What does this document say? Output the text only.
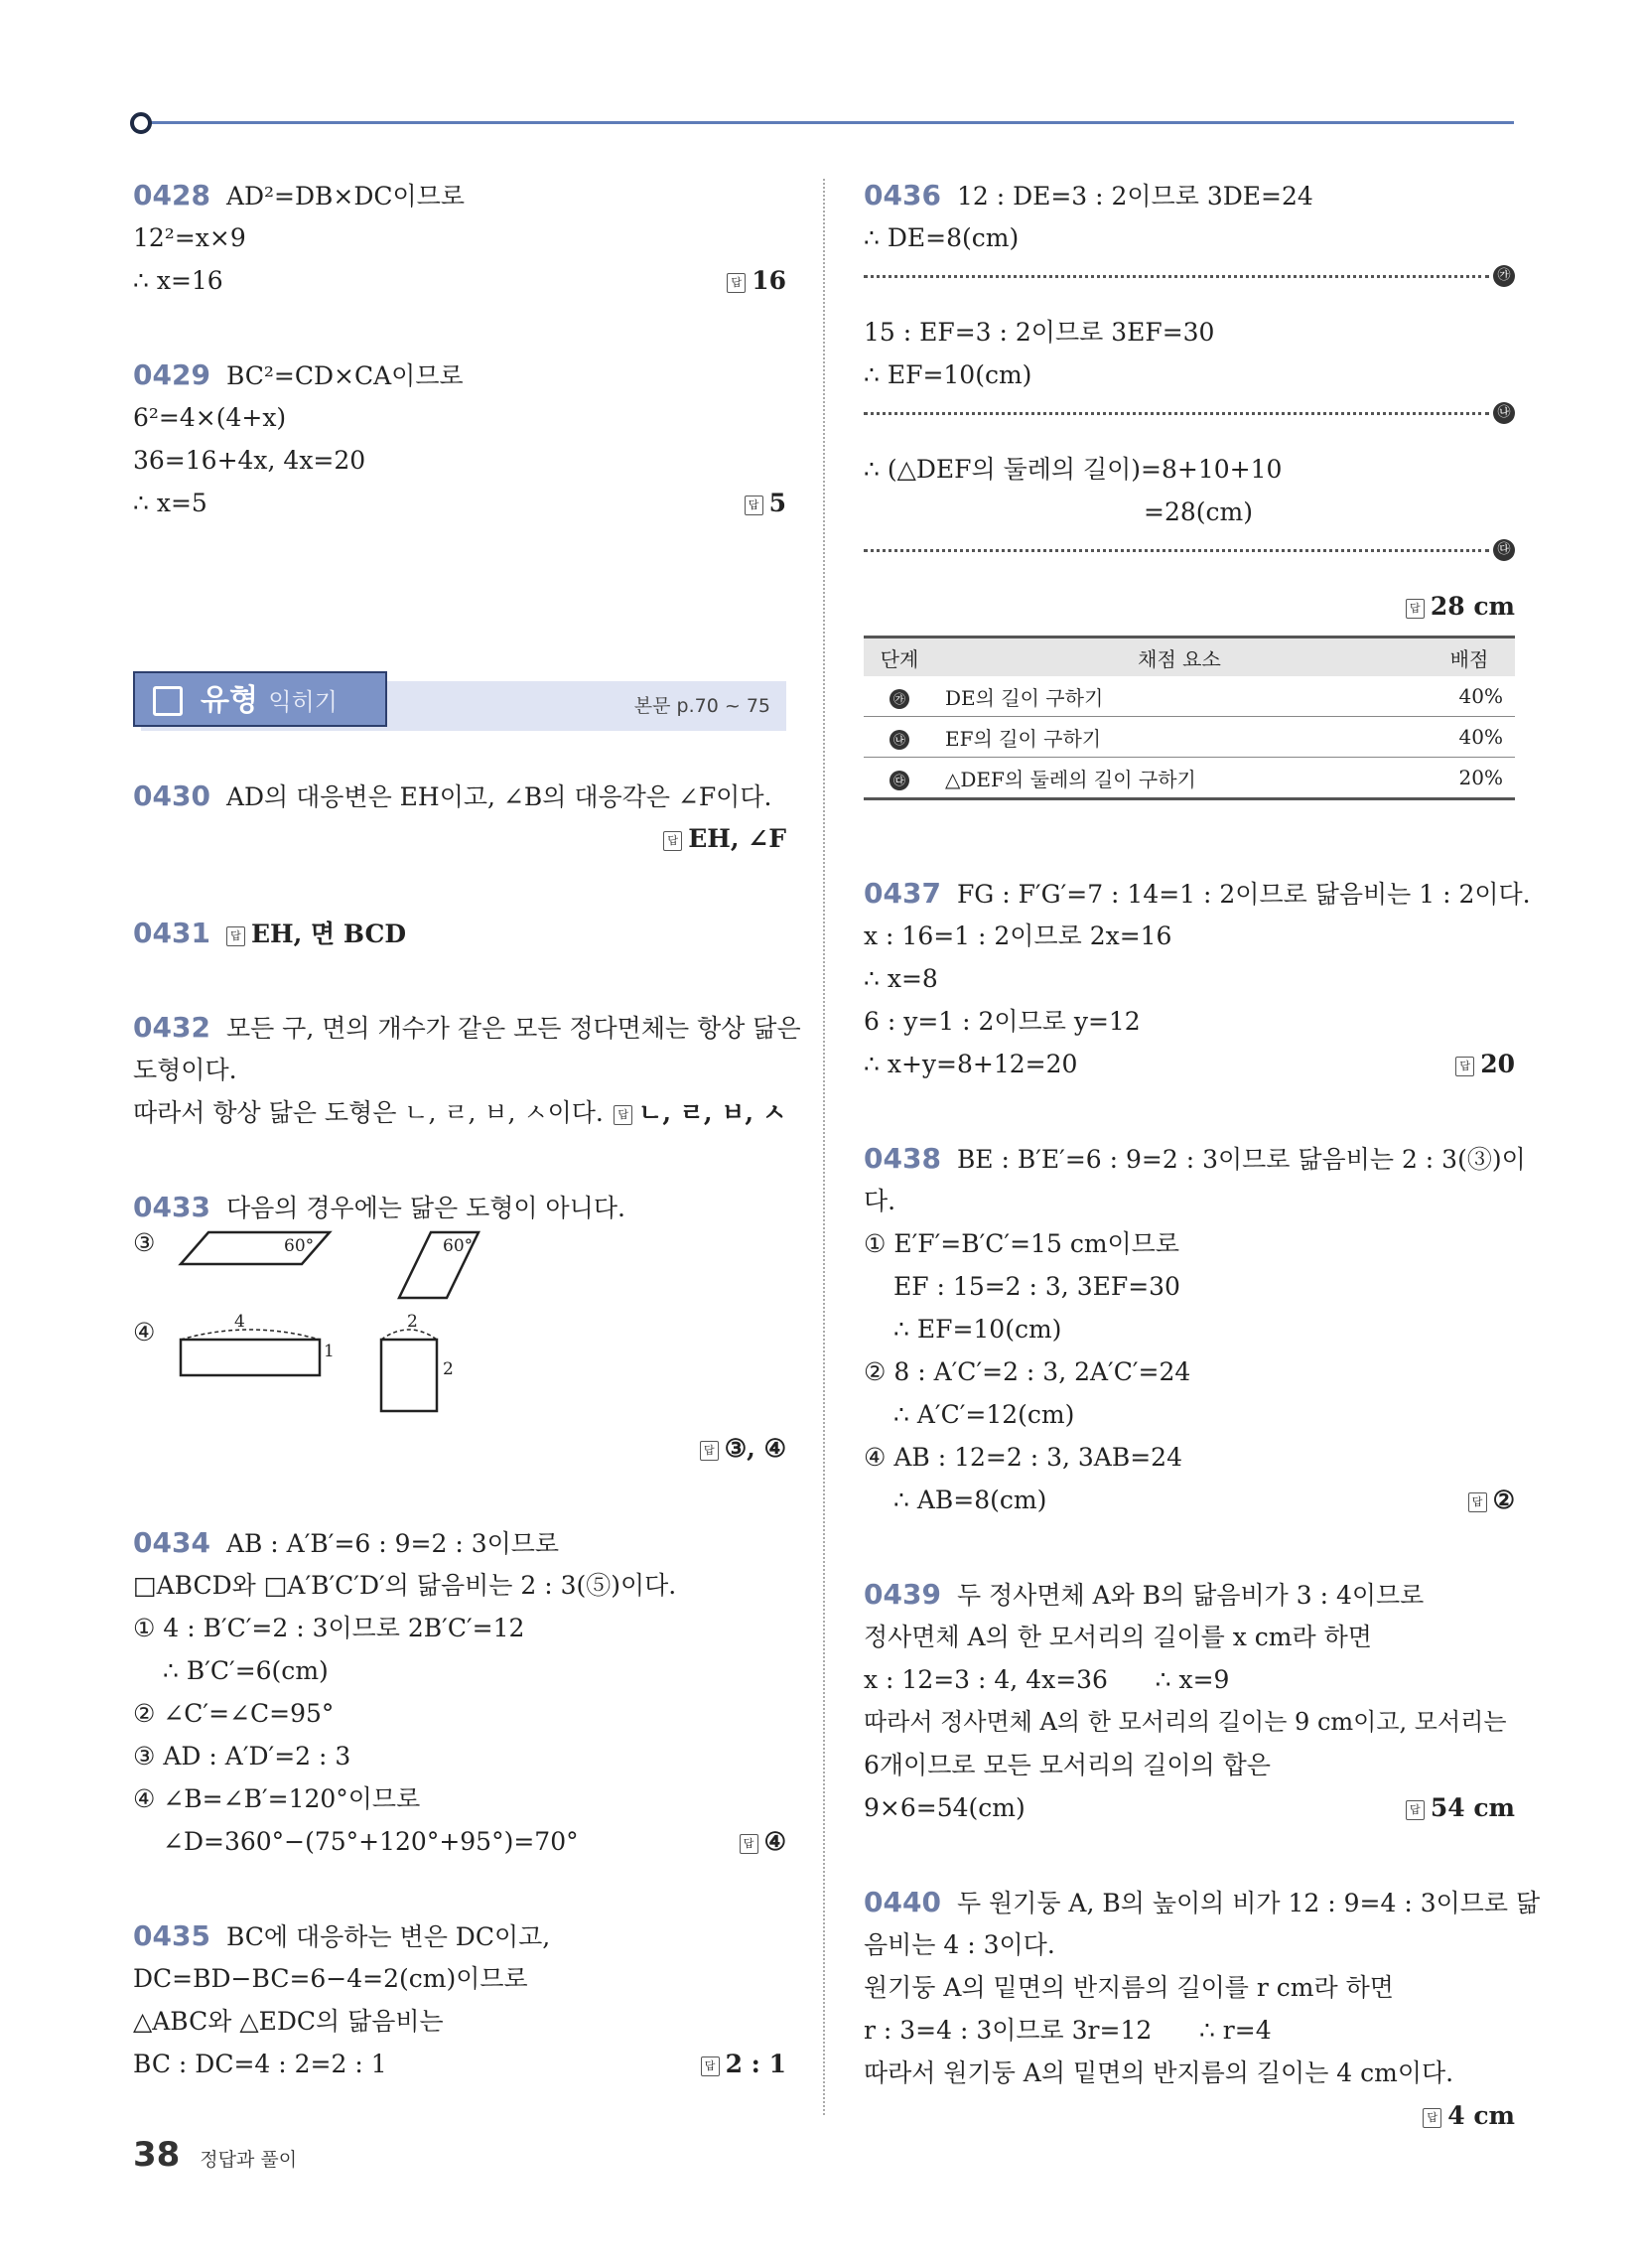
0428 AD²=DB×DC이므로
12²=x×9
∴ x=16	답 16
0429 BC²=CD×CA이므로
6²=4×(4+x)
36=16+4x, 4x=20
∴ x=5	답 5
유형 익히기	본문 p.70 ~ 75
0430 AD의 대응변은 EH이고, ∠B의 대응각은 ∠F이다.
답 EH, ∠F
0431 답 EH, 면 BCD
0432 모든 구, 면의 개수가 같은 모든 정다면체는 항상 닮은
도형이다.
따라서 항상 닮은 도형은 ㄴ, ㄹ, ㅂ, ㅅ이다.	답 ㄴ, ㄹ, ㅂ, ㅅ
0433 다음의 경우에는 닮은 도형이 아니다.
③	60°	60°
④	4
1
2
2
답 ③, ④
0434 AB : A′B′=6 : 9=2 : 3이므로
□ABCD와 □A′B′C′D′의 닮음비는 2 : 3(⑤)이다.
① 4 : B′C′=2 : 3이므로 2B′C′=12
∴ B′C′=6(cm)
② ∠C′=∠C=95°
③ AD : A′D′=2 : 3
④ ∠B=∠B′=120°이므로
∠D=360°−(75°+120°+95°)=70°	답 ④
0435 BC에 대응하는 변은 DC이고,
DC=BD−BC=6−4=2(cm)이므로
△ABC와 △EDC의 닮음비는
BC : DC=4 : 2=2 : 1	답 2 : 1
0436 12 : DE=3 : 2이므로 3DE=24
∴ DE=8(cm)
㉮
15 : EF=3 : 2이므로 3EF=30
∴ EF=10(cm)
㉯
∴ (△DEF의 둘레의 길이)=8+10+10
=28(cm)
㉰
답 28 cm
단계	채점 요소	배점
㉮	DE의 길이 구하기	40%
㉯	EF의 길이 구하기	40%
㉰	△DEF의 둘레의 길이 구하기	20%
0437 FG : F′G′=7 : 14=1 : 2이므로 닮음비는 1 : 2이다.
x : 16=1 : 2이므로 2x=16
∴ x=8
6 : y=1 : 2이므로 y=12
∴ x+y=8+12=20	답 20
0438 BE : B′E′=6 : 9=2 : 3이므로 닮음비는 2 : 3(③)이
다.
① E′F′=B′C′=15 cm이므로
EF : 15=2 : 3, 3EF=30
∴ EF=10(cm)
② 8 : A′C′=2 : 3, 2A′C′=24
∴ A′C′=12(cm)
④ AB : 12=2 : 3, 3AB=24
∴ AB=8(cm)	답 ②
0439 두 정사면체 A와 B의 닮음비가 3 : 4이므로
정사면체 A의 한 모서리의 길이를 x cm라 하면
x : 12=3 : 4, 4x=36      ∴ x=9
따라서 정사면체 A의 한 모서리의 길이는 9 cm이고, 모서리는
6개이므로 모든 모서리의 길이의 합은
9×6=54(cm)	답 54 cm
0440 두 원기둥 A, B의 높이의 비가 12 : 9=4 : 3이므로 닮
음비는 4 : 3이다.
원기둥 A의 밑면의 반지름의 길이를 r cm라 하면
r : 3=4 : 3이므로 3r=12      ∴ r=4
따라서 원기둥 A의 밑면의 반지름의 길이는 4 cm이다.
답 4 cm
38 정답과 풀이
